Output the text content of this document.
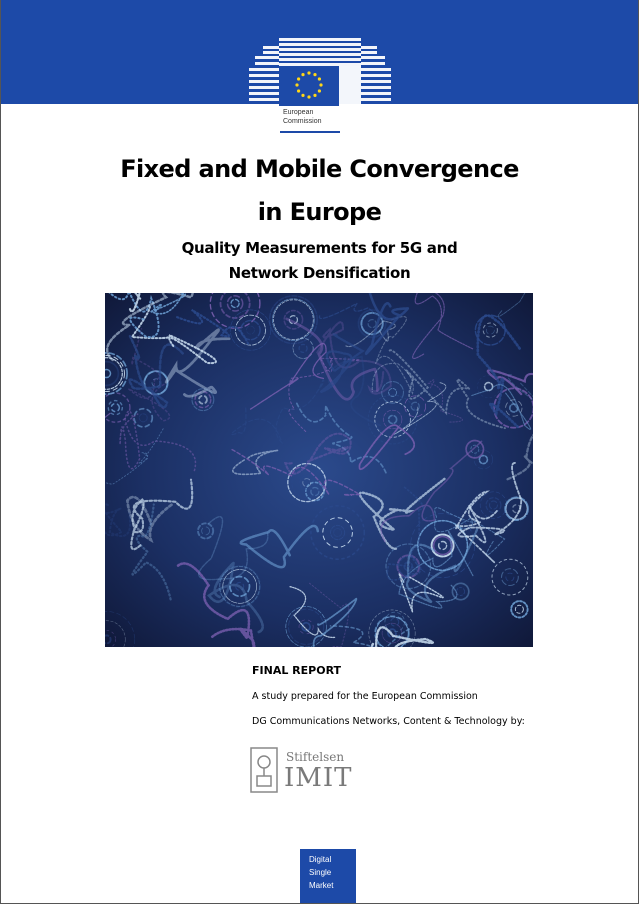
European
Commission
Fixed and Mobile Convergence
in Europe
Quality Measurements for 5G and
Network Densification
FINAL REPORT
A study prepared for the European Commission
DG Communications Networks, Content & Technology by:
Stiftelsen
IMIT
Digital
Single
Market
